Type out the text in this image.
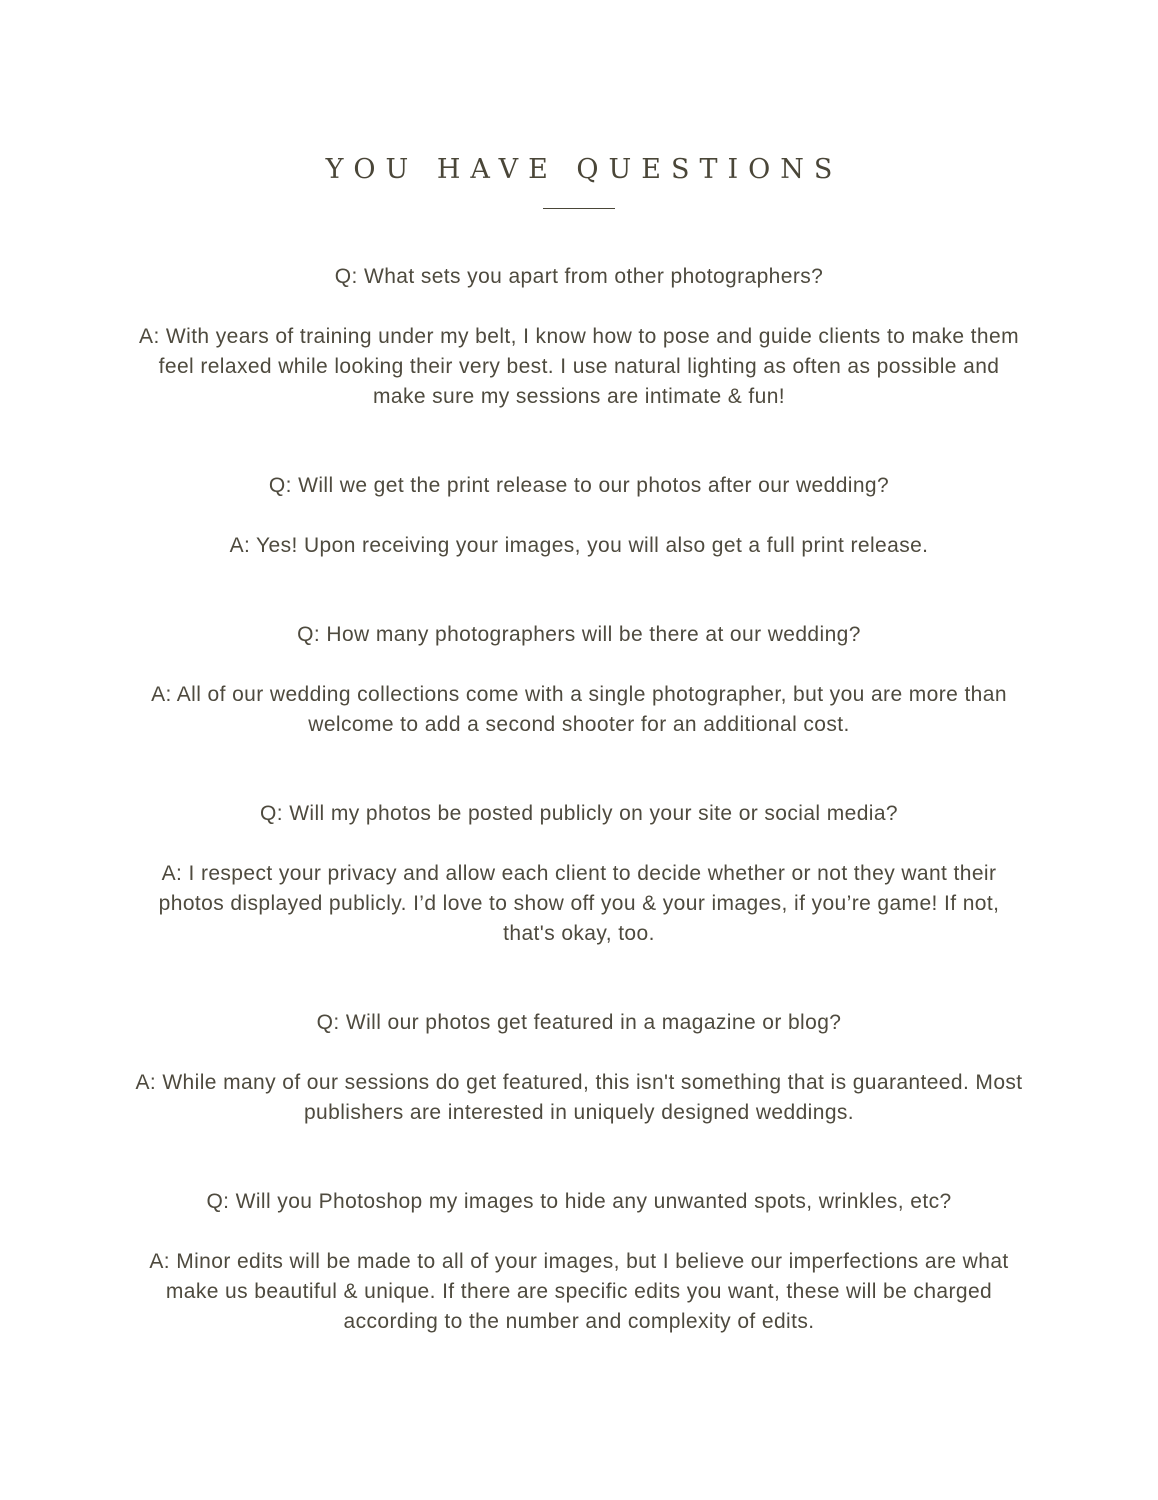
YOU HAVE QUESTIONS

Q: What sets you apart from other photographers?

A: With years of training under my belt, I know how to pose and guide clients to make them feel relaxed while looking their very best. I use natural lighting as often as possible and make sure my sessions are intimate & fun!

Q: Will we get the print release to our photos after our wedding?

A: Yes! Upon receiving your images, you will also get a full print release.

Q: How many photographers will be there at our wedding?

A: All of our wedding collections come with a single photographer, but you are more than welcome to add a second shooter for an additional cost.

Q: Will my photos be posted publicly on your site or social media?

A: I respect your privacy and allow each client to decide whether or not they want their photos displayed publicly. I’d love to show off you & your images, if you’re game! If not, that's okay, too.

Q: Will our photos get featured in a magazine or blog?

A: While many of our sessions do get featured, this isn't something that is guaranteed. Most publishers are interested in uniquely designed weddings.

Q: Will you Photoshop my images to hide any unwanted spots, wrinkles, etc?

A: Minor edits will be made to all of your images, but I believe our imperfections are what make us beautiful & unique. If there are specific edits you want, these will be charged according to the number and complexity of edits.
